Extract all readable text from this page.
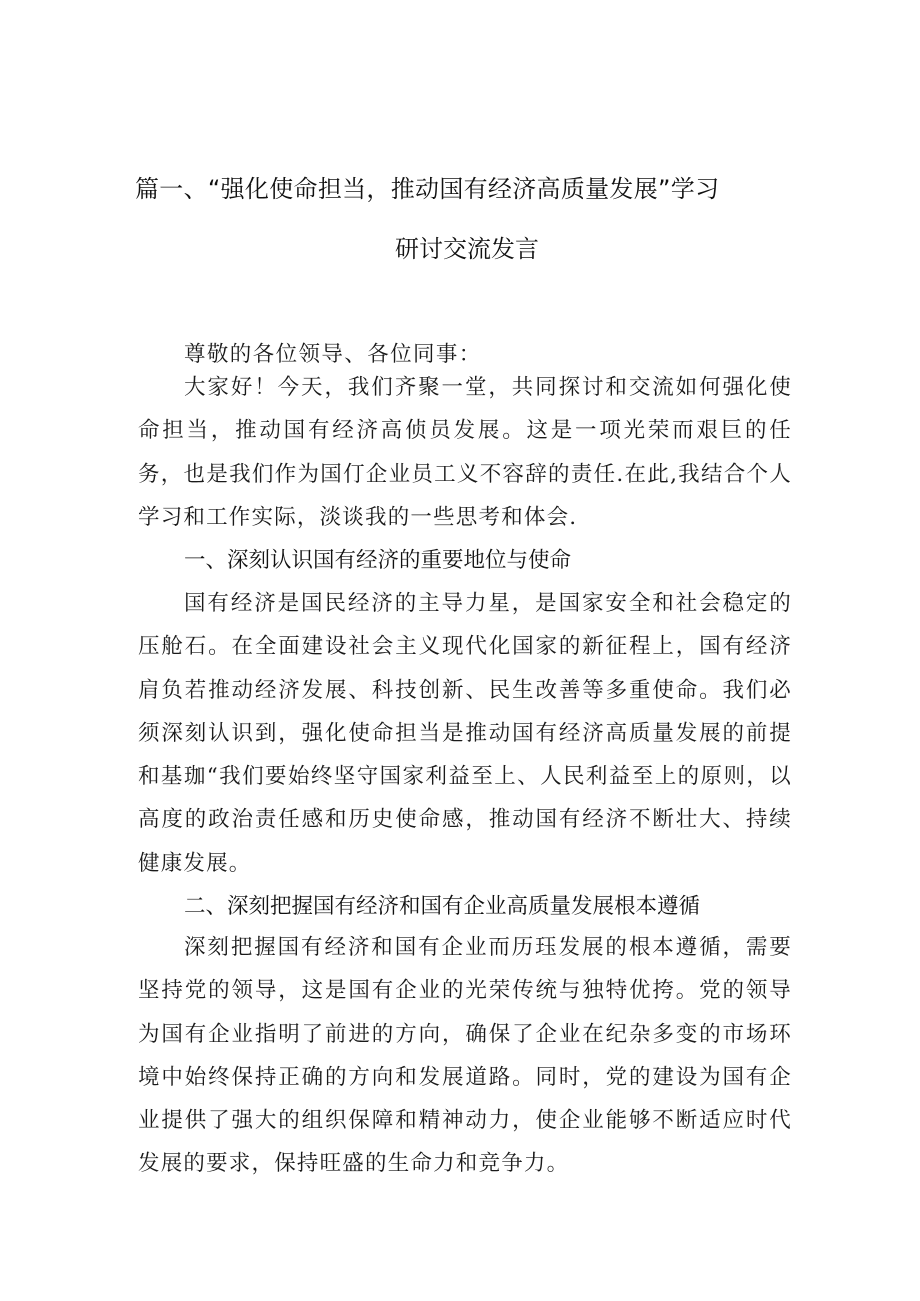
篇一、“强化使命担当，推动国有经济高质量发展”学习
研讨交流发言

尊敬的各位领导、各位同事：

大家好！今天，我们齐聚一堂，共同探讨和交流如何强化使命担当，推动国有经济高侦员发展。这是一项光荣而艰巨的任务，也是我们作为国仃企业员工义不容辞的责任.在此,我结合个人学习和工作实际，淡谈我的一些思考和体会.

一、深刻认识国有经济的重要地位与使命

国有经济是国民经济的主导力星，是国家安全和社会稳定的压舱石。在全面建设社会主义现代化国家的新征程上，国有经济肩负若推动经济发展、科技创新、民生改善等多重使命。我们必须深刻认识到，强化使命担当是推动国有经济高质量发展的前提和基珈“我们要始终坚守国家利益至上、人民利益至上的原则，以高度的政治责任感和历史使命感，推动国有经济不断壮大、持续健康发展。

二、深刻把握国有经济和国有企业高质量发展根本遵循

深刻把握国有经济和国有企业而历珏发展的根本遵循，需要坚持党的领导，这是国有企业的光荣传统与独特优挎。党的领导为国有企业指明了前进的方向，确保了企业在纪杂多变的市场环境中始终保持正确的方向和发展道路。同时，党的建设为国有企业提供了强大的组织保障和精神动力，使企业能够不断适应时代发展的要求，保持旺盛的生命力和竞争力。
